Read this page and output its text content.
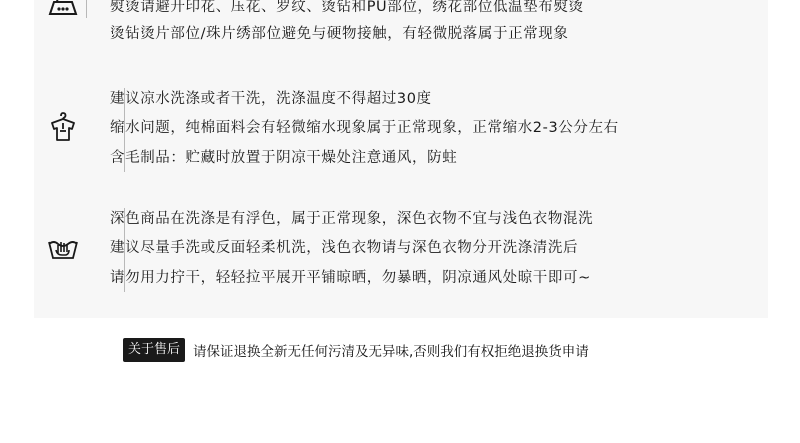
熨烫请避开印花、压花、罗纹、烫钻和PU部位，绣花部位低温垫布熨烫
烫钻烫片部位/珠片绣部位避免与硬物接触，有轻微脱落属于正常现象
建议凉水洗涤或者干洗，洗涤温度不得超过30度
缩水问题，纯棉面料会有轻微缩水现象属于正常现象，正常缩水2-3公分左右
含毛制品：贮藏时放置于阴凉干燥处注意通风，防蛀
深色商品在洗涤是有浮色，属于正常现象，深色衣物不宜与浅色衣物混洗
建议尽量手洗或反面轻柔机洗，浅色衣物请与深色衣物分开洗涤清洗后
请勿用力拧干，轻轻拉平展开平铺晾晒，勿暴晒，阴凉通风处晾干即可~
关于售后 请保证退换全新无任何污清及无异味,否则我们有权拒绝退换货申请
